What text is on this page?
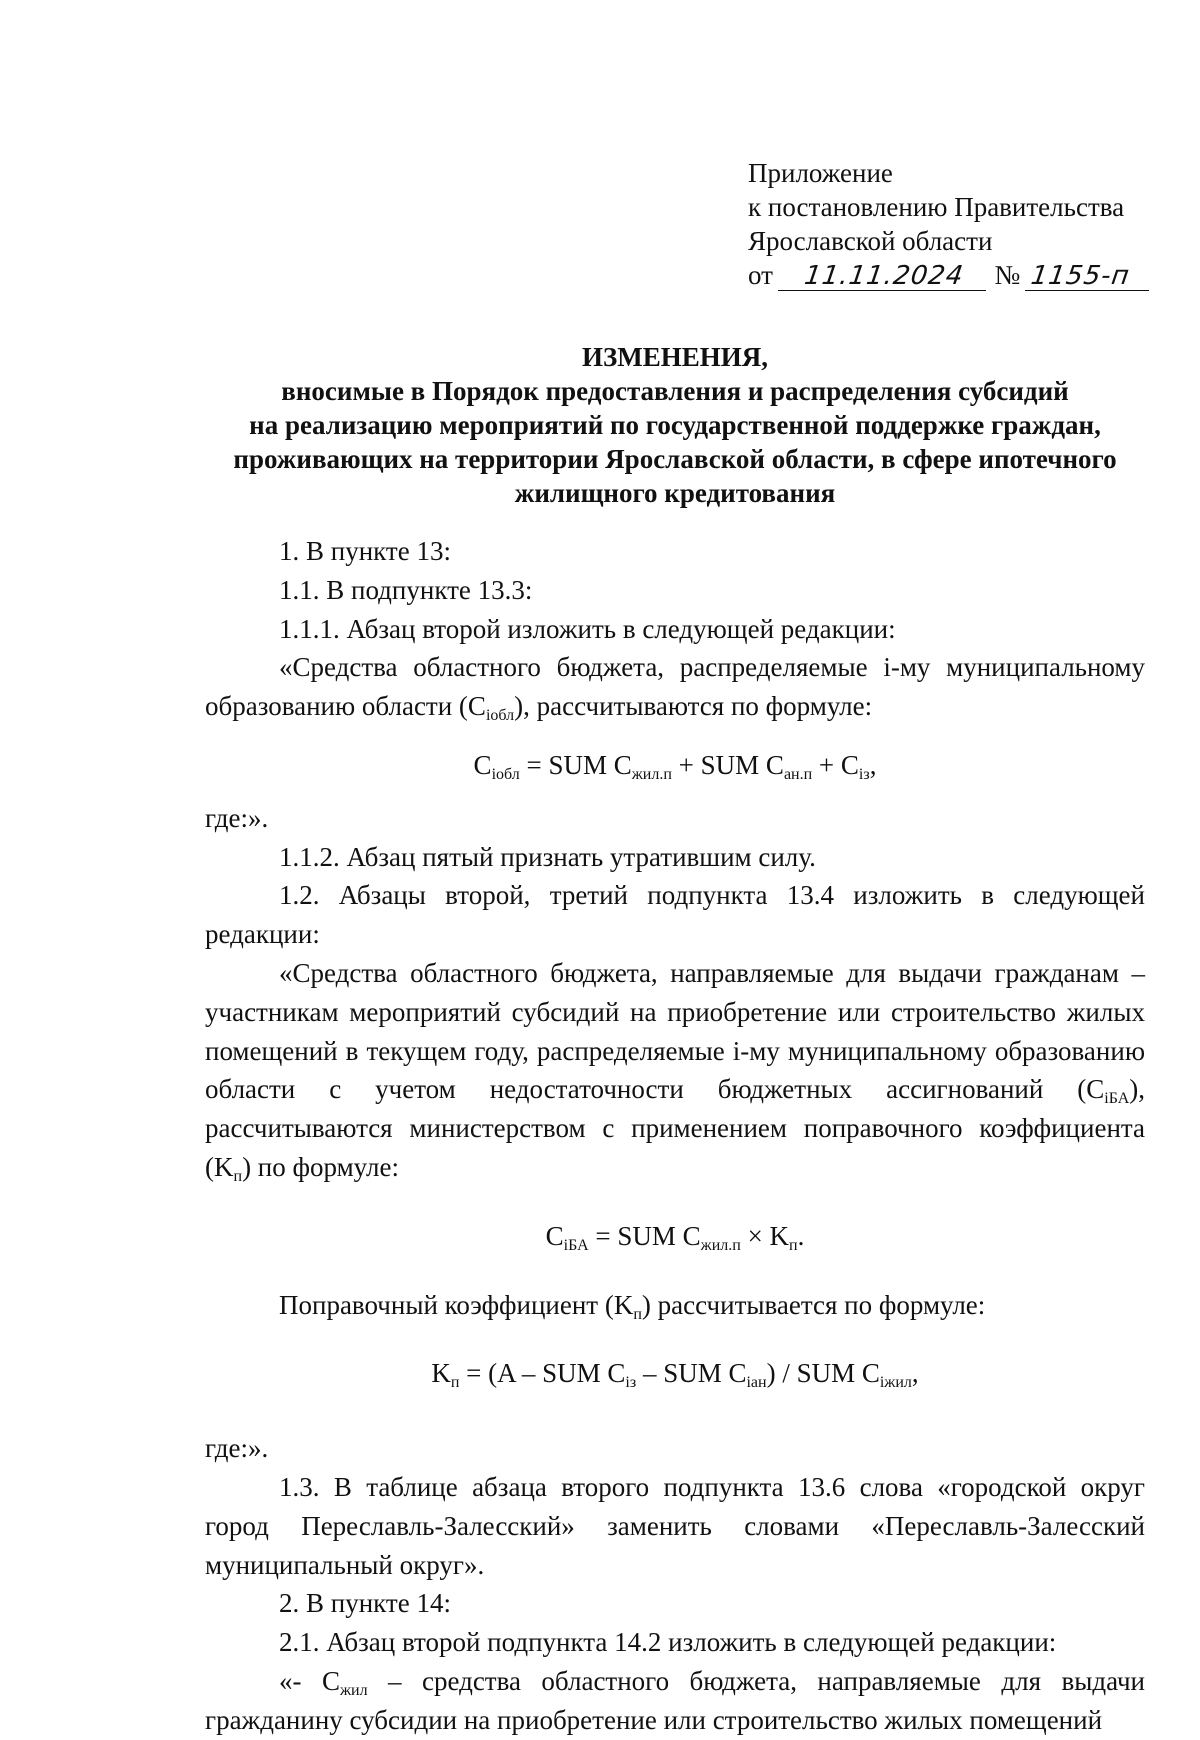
Приложение
к постановлению Правительства
Ярославской области
от 11.11.2024 № 1155-п
ИЗМЕНЕНИЯ,
вносимые в Порядок предоставления и распределения субсидий
на реализацию мероприятий по государственной поддержке граждан,
проживающих на территории Ярославской области, в сфере ипотечного
жилищного кредитования

1. В пункте 13:

1.1. В подпункте 13.3:

1.1.1. Абзац второй изложить в следующей редакции:

«Средства областного бюджета, распределяемые i-му муниципальному образованию области $(C_{iобл})$, рассчитываются по формуле:

$C_{iобл}$ = SUM $C_{жил.п}$ + SUM $C_{ан.п} + C_{iз}$,

где:».

1.1.2. Абзац пятый признать утратившим силу.

1.2. Абзацы второй, третий подпункта 13.4 изложить в следующей редакции:

«Средства областного бюджета, направляемые для выдачи гражданам – участникам мероприятий субсидий на приобретение или строительство жилых помещений в текущем году, распределяемые i-му муниципальному образованию области с учетом недостаточности бюджетных ассигнований $(C_{iБА})$, рассчитываются министерством с применением поправочного коэффициента $(K_п)$ по формуле:

$C_{iБА}$ = SUM $C_{жил.п} \times K_п$.

Поправочный коэффициент $(K_п)$ рассчитывается по формуле:

$K_п = (A$ – SUM $C_{iз}$ – SUM $C_{iан}$) / SUM $C_{iжил}$,

где:».

1.3. В таблице абзаца второго подпункта 13.6 слова «городской округ город Переславль-Залесский» заменить словами «Переславль-Залесский муниципальный округ».

2. В пункте 14:

2.1. Абзац второй подпункта 14.2 изложить в следующей редакции:

«- $C_{жил}$ – средства областного бюджета, направляемые для выдачи гражданину субсидии на приобретение или строительство жилых помещений
